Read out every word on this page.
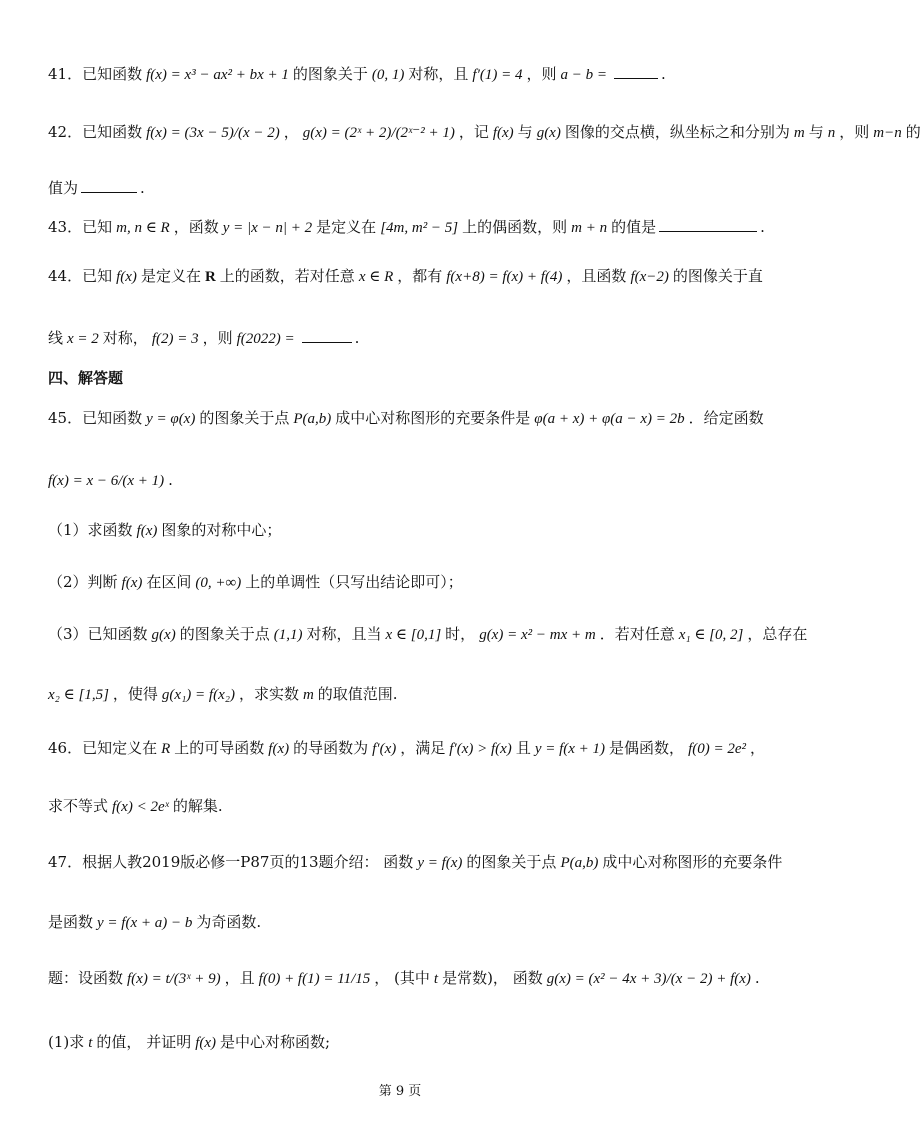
41．已知函数 f(x) = x³ − ax² + bx + 1 的图象关于 (0, 1) 对称，且 f′(1) = 4 ，则 a − b =	.
42．已知函数 f(x) = (3x − 5)/(x − 2) ， g(x) = (2ˣ + 2)/(2ˣ⁻² + 1) ，记 f(x) 与 g(x) 图像的交点横，纵坐标之和分别为 m 与 n ，则 m−n 的
值为	.
43．已知 m, n ∈ R ，函数 y = |x − n| + 2 是定义在 [4m, m² − 5] 上的偶函数，则 m + n 的值是	.
44．已知 f(x) 是定义在 R 上的函数，若对任意 x ∈ R ，都有 f(x+8) = f(x) + f(4) ，且函数 f(x−2) 的图像关于直
线 x = 2 对称， f(2) = 3 ，则 f(2022) =	.
四、解答题
45．已知函数 y = φ(x) 的图象关于点 P(a,b) 成中心对称图形的充要条件是 φ(a + x) + φ(a − x) = 2b ．给定函数
f(x) = x − 6/(x + 1) .
（1）求函数 f(x) 图象的对称中心；
（2）判断 f(x) 在区间 (0, +∞) 上的单调性（只写出结论即可）；
（3）已知函数 g(x) 的图象关于点 (1,1) 对称，且当 x ∈ [0,1] 时， g(x) = x² − mx + m ．若对任意 x₁ ∈ [0, 2] ，总存在
x₂ ∈ [1,5] ，使得 g(x₁) = f(x₂) ，求实数 m 的取值范围.
46．已知定义在 R 上的可导函数 f(x) 的导函数为 f′(x) ，满足 f′(x) > f(x) 且 y = f(x + 1) 是偶函数， f(0) = 2e² ，
求不等式 f(x) < 2eˣ 的解集.
47．根据人教2019版必修一P87页的13题介绍： 函数 y = f(x) 的图象关于点 P(a,b) 成中心对称图形的充要条件
是函数 y = f(x + a) − b 为奇函数.
题：设函数 f(x) = t/(3ˣ + 9) ，且 f(0) + f(1) = 11/15 ， (其中 t 是常数)， 函数 g(x) = (x² − 4x + 3)/(x − 2) + f(x) .
(1)求 t 的值， 并证明 f(x) 是中心对称函数;
第 9 页
